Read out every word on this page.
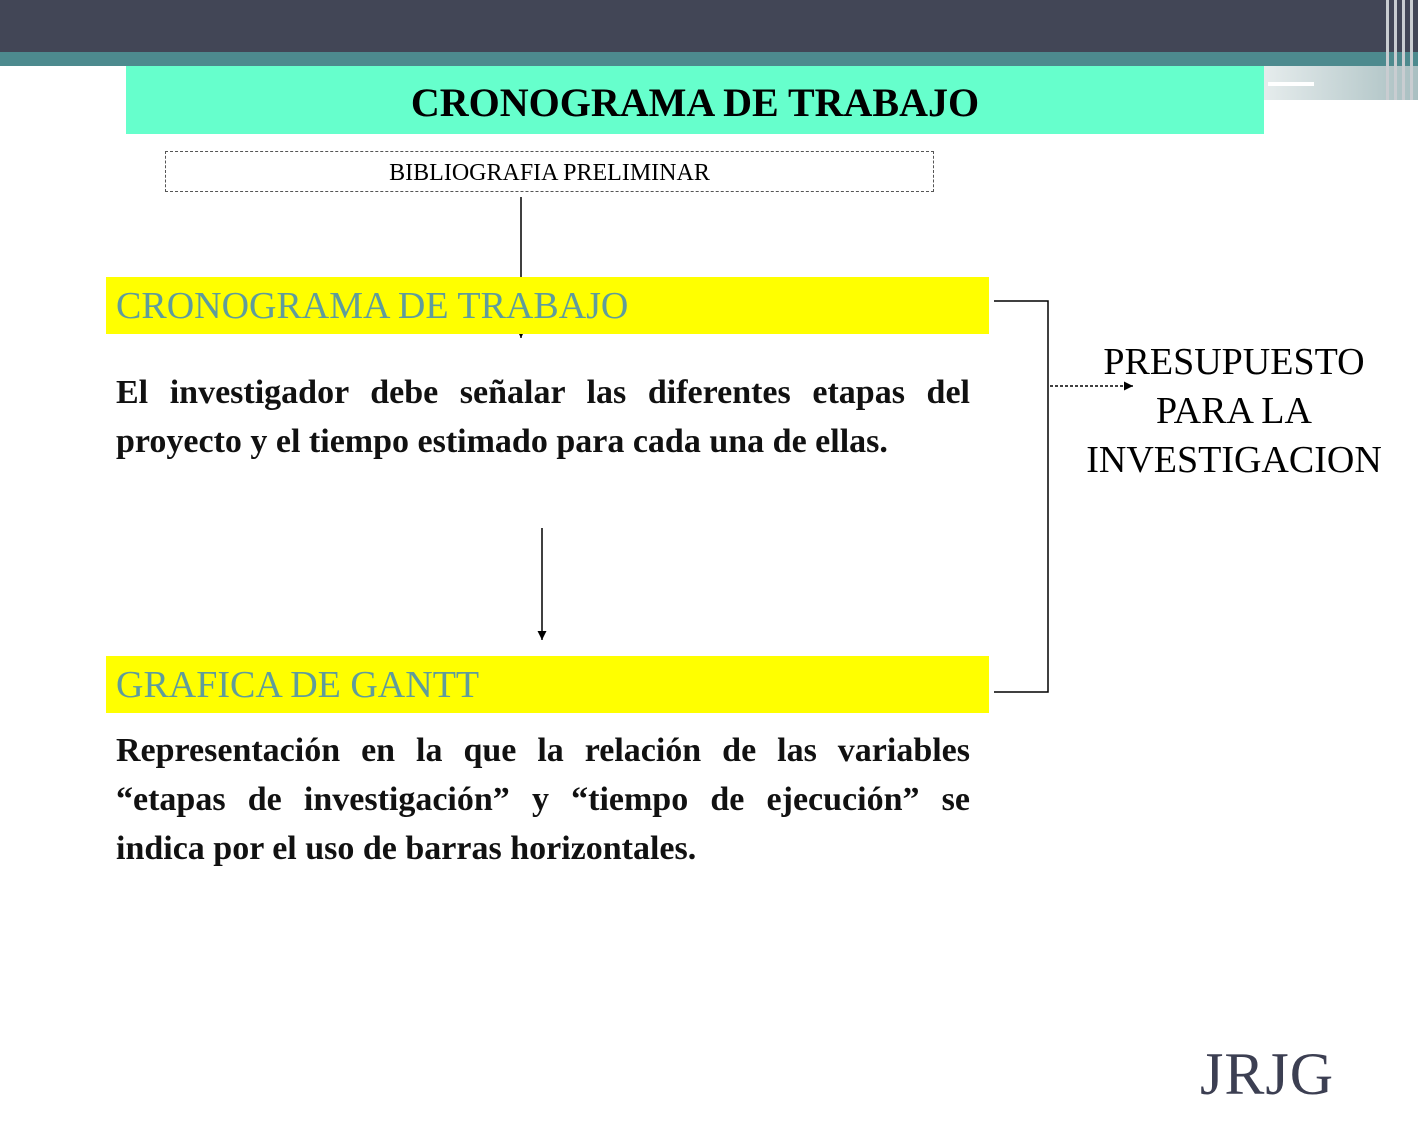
CRONOGRAMA DE TRABAJO
BIBLIOGRAFIA PRELIMINAR
CRONOGRAMA DE TRABAJO
El investigador debe señalar las diferentes etapas del proyecto y el tiempo estimado para cada una de ellas.
GRAFICA DE GANTT
Representación en la que la relación de las variables “etapas de investigación” y “tiempo de ejecución” se indica por el uso de barras horizontales.
PRESUPUESTO
PARA LA
INVESTIGACION
JRJG
